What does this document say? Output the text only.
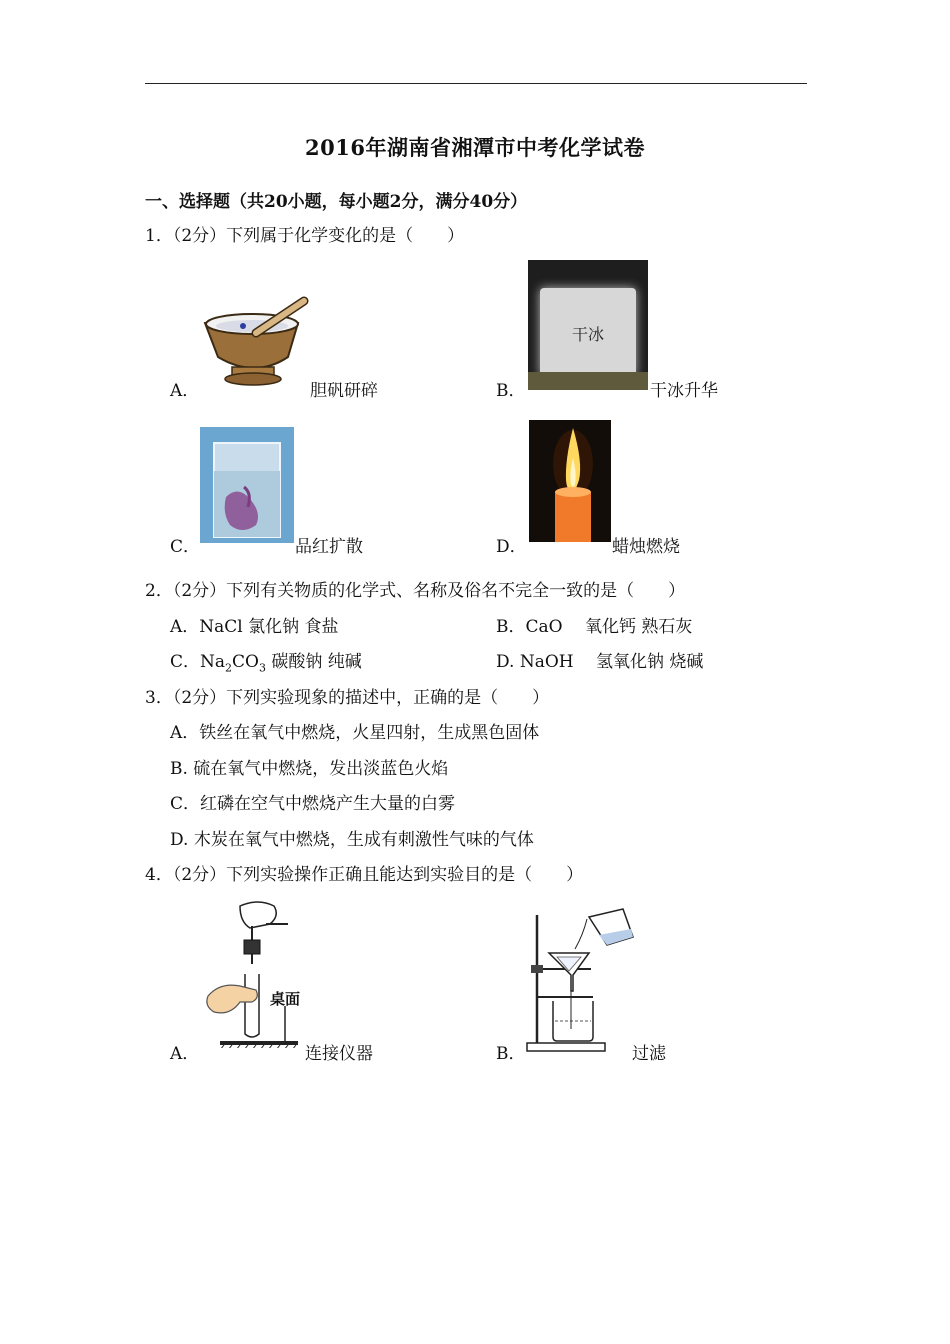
2016年湖南省湘潭市中考化学试卷
一、选择题（共20小题，每小题2分，满分40分）
1．（2分）下列属于化学变化的是（　　）
A．	胆矾研碎
干冰
B．	干冰升华
C．	品红扩散	D．	蜡烛燃烧
2．（2分）下列有关物质的化学式、名称及俗名不完全一致的是（　　）
A．NaCl 氯化钠 食盐	B．CaO　 氧化钙 熟石灰
C．$Na_2CO_3$ 碳酸钠 纯碱	D. NaOH　 氢氧化钠 烧碱
3．（2分）下列实验现象的描述中，正确的是（　　）
A．铁丝在氧气中燃烧，火星四射，生成黑色固体
B. 硫在氧气中燃烧，发出淡蓝色火焰
C．红磷在空气中燃烧产生大量的白雾
D. 木炭在氧气中燃烧，生成有刺激性气味的气体
4．（2分）下列实验操作正确且能达到实验目的是（　　）
桌面
A．	连接仪器	B．	过滤
